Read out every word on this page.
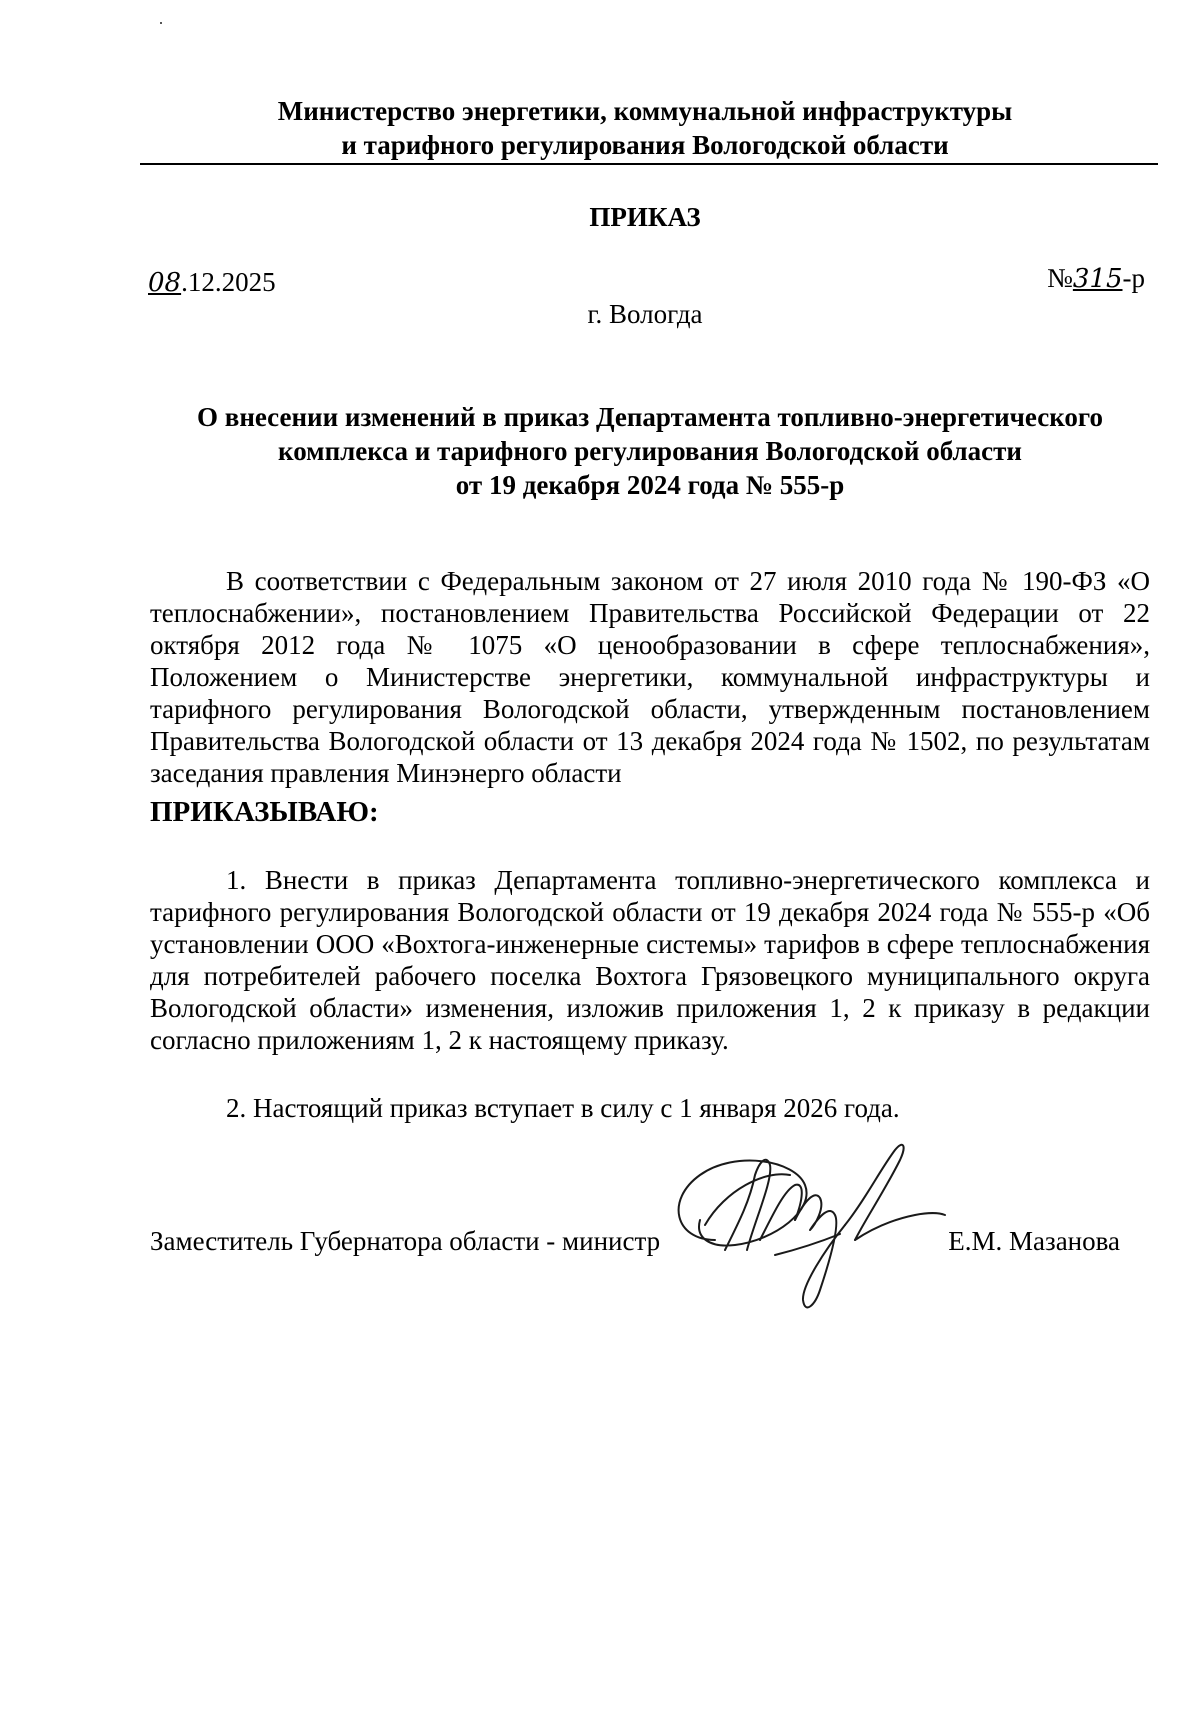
Министерство энергетики, коммунальной инфраструктуры
и тарифного регулирования Вологодской области
ПРИКАЗ
08.12.2025	№315-р
г. Вологда
О внесении изменений в приказ Департамента топливно-энергетического
комплекса и тарифного регулирования Вологодской области
от 19 декабря 2024 года № 555-р
В соответствии с Федеральным законом от 27 июля 2010 года № 190-ФЗ «О теплоснабжении», постановлением Правительства Российской Федерации от 22 октября 2012 года № 1075 «О ценообразовании в сфере теплоснабжения», Положением о Министерстве энергетики, коммунальной инфраструктуры и тарифного регулирования Вологодской области, утвержденным постановлением Правительства Вологодской области от 13 декабря 2024 года № 1502, по результатам заседания правления Минэнерго области
ПРИКАЗЫВАЮ:
1. Внести в приказ Департамента топливно-энергетического комплекса и тарифного регулирования Вологодской области от 19 декабря 2024 года № 555-р «Об установлении ООО «Вохтога-инженерные системы» тарифов в сфере теплоснабжения для потребителей рабочего поселка Вохтога Грязовецкого муниципального округа Вологодской области» изменения, изложив приложения 1, 2 к приказу в редакции согласно приложениям 1, 2 к настоящему приказу.
2. Настоящий приказ вступает в силу с 1 января 2026 года.
Заместитель Губернатора области - министр	Е.М. Мазанова
